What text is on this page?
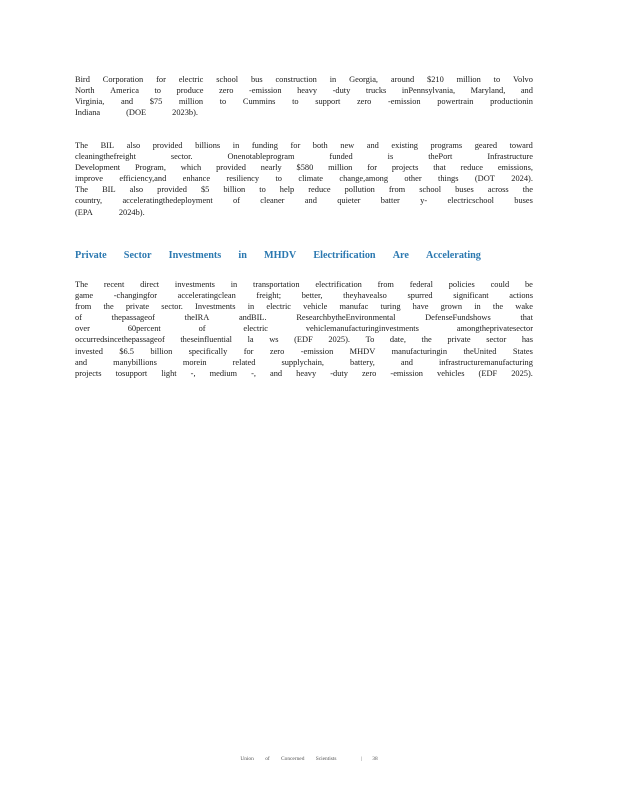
Bird Corporation for electric school bus construction in Georgia, around $210 million to Volvo
North America to produce zero -emission heavy -duty trucks inPennsylvania, Maryland, and
Virginia, and $75 million to Cummins to support zero -emission powertrain productionin
Indiana	(DOE	2023b).
The BIL also provided billions in funding for both new and existing programs geared toward
cleaningthefreight	sector.	Onenotableprogram	funded	is	thePort	Infrastructure
Development Program, which provided nearly $580 million for projects that reduce emissions,
improve efficiency,and enhance resiliency to climate change,among other things (DOT 2024).
The BIL also provided $5 billion to help reduce pollution from school buses across the
country, acceleratingthedeployment of cleaner and quieter batter y- electricschool buses
(EPA	2024b).
Private Sector Investments in MHDV Electrification Are Accelerating
The recent direct investments in transportation electrification from federal policies could be
game -changingfor acceleratingclean freight; better, theyhavealso spurred significant actions
from the private sector. Investments in electric vehicle manufac turing have grown in the wake
of	thepassageof	theIRA	andBIL.	ResearchbytheEnvironmental	DefenseFundshows	that
over	60percent	of	electric	vehiclemanufacturinginvestments	amongtheprivatesector
occurredsincethepassageof theseinfluential la ws (EDF 2025). To date, the private sector has
invested $6.5 billion specifically for zero -emission MHDV manufacturingin theUnited States
and	manybillions	morein	related	supplychain,	battery,	and	infrastructuremanufacturing
projects tosupport light -, medium -, and heavy -duty zero -emission vehicles (EDF 2025).
Union of Concerned Scientists	| 38
